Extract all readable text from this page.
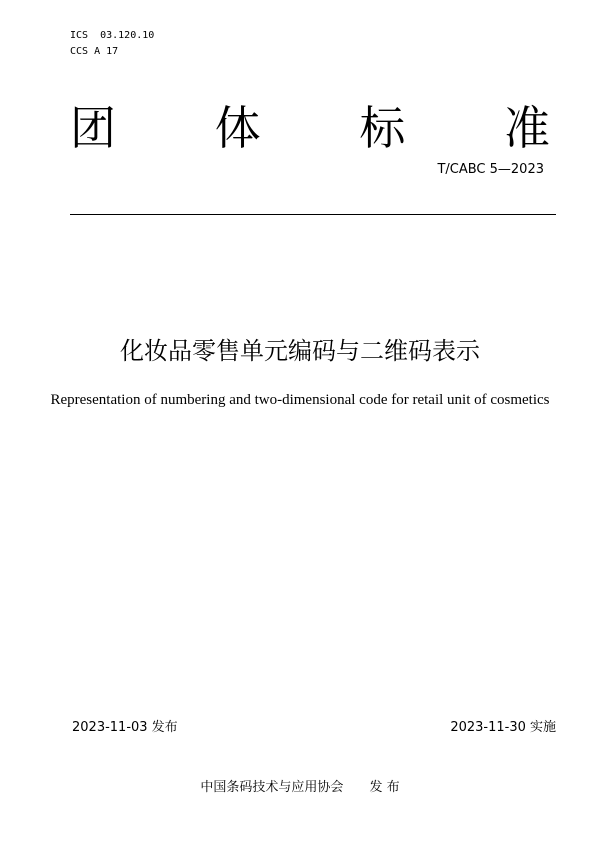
ICS  03.120.10
CCS A 17
团 体 标 准
T/CABC 5—2023
化妆品零售单元编码与二维码表示
Representation of numbering and two-dimensional code for retail unit of cosmetics
2023-11-03 发布	2023-11-30 实施
中国条码技术与应用协会 发 布
